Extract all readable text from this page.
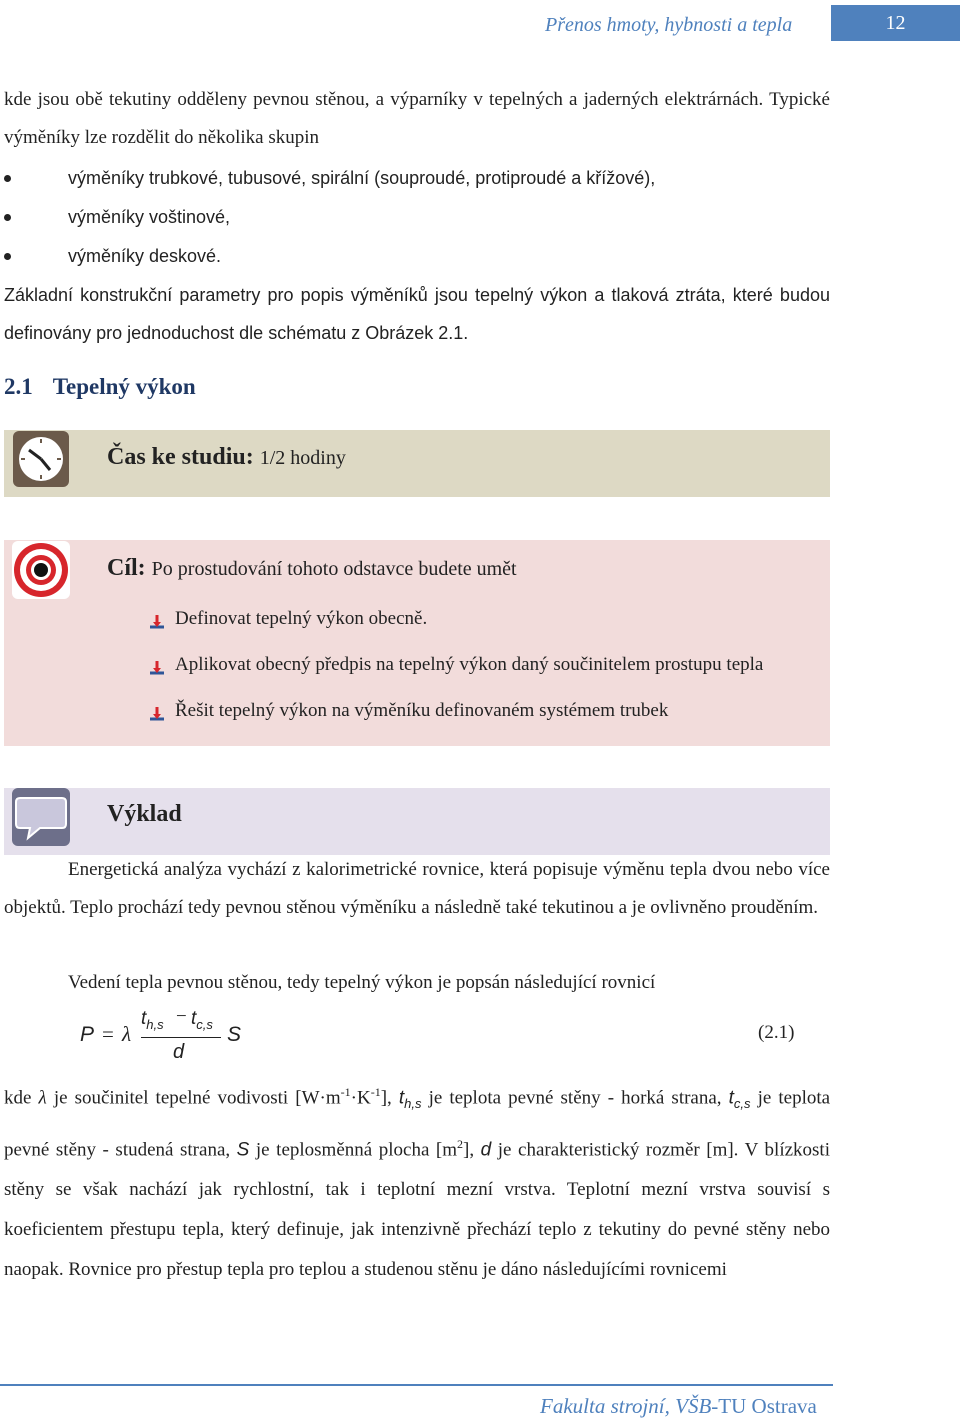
Přenos hmoty, hybnosti a tepla	12
kde jsou obě tekutiny odděleny pevnou stěnou, a výparníky v tepelných a jaderných elektrárnách. Typické výměníky lze rozdělit do několika skupin
výměníky trubkové, tubusové, spirální (souproudé, protiproudé a křížové),
výměníky voštinové,
výměníky deskové.
Základní konstrukční parametry pro popis výměníků jsou tepelný výkon a tlaková ztráta, které budou definovány pro jednoduchost dle schématu z Obrázek 2.1.
2.1 Tepelný výkon
Čas ke studiu: 1/2 hodiny
Cíl: Po prostudování tohoto odstavce budete umět
Definovat tepelný výkon obecně.
Aplikovat obecný předpis na tepelný výkon daný součinitelem prostupu tepla
Řešit tepelný výkon na výměníku definovaném systémem trubek
Výklad
Energetická analýza vychází z kalorimetrické rovnice, která popisuje výměnu tepla dvou nebo více objektů. Teplo prochází tedy pevnou stěnou výměníku a následně také tekutinou a je ovlivněno prouděním.
Vedení tepla pevnou stěnou, tedy tepelný výkon je popsán následující rovnicí
P = λ
$t_{h,s} - t_{c,s}$
d
S	(2.1)
kde λ je součinitel tepelné vodivosti $[W\cdot m^{-1}\cdot K^{-1}]$, $t_{h,s}$ je teplota pevné stěny - horká strana, $t_{c,s}$ je teplota pevné stěny - studená strana, S je teplosměnná plocha $[m^2]$, d je charakteristický rozměr [m]. V blízkosti stěny se však nachází jak rychlostní, tak i teplotní mezní vrstva. Teplotní mezní vrstva souvisí s koeficientem přestupu tepla, který definuje, jak intenzivně přechází teplo z tekutiny do pevné stěny nebo naopak. Rovnice pro přestup tepla pro teplou a studenou stěnu je dáno následujícími rovnicemi
Fakulta strojní, VŠB-TU Ostrava
